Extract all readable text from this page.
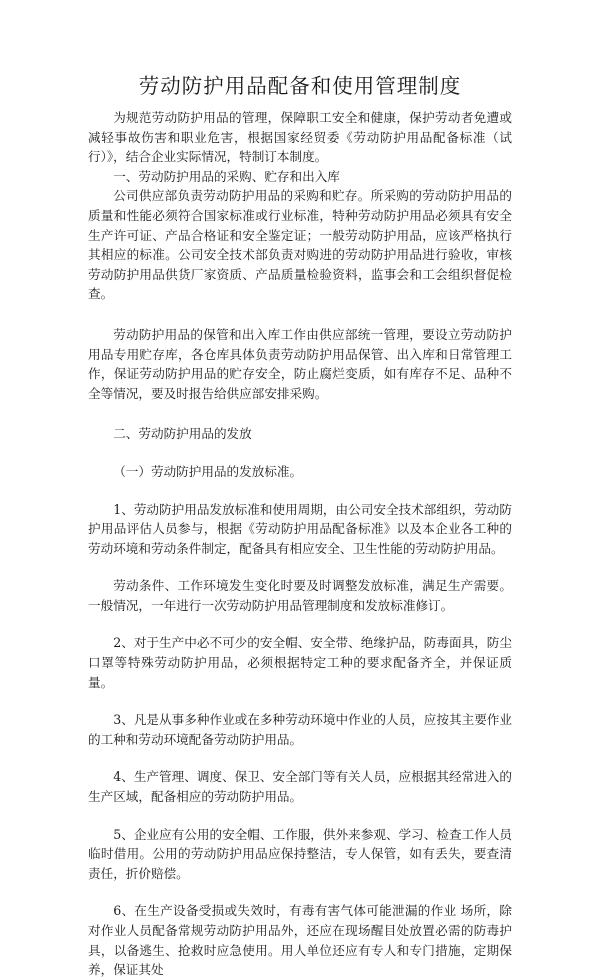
劳动防护用品配备和使用管理制度

为规范劳动防护用品的管理，保障职工安全和健康，保护劳动者免遭或减轻事故伤害和职业危害，根据国家经贸委《劳动防护用品配备标准（试行）》，结合企业实际情况，特制订本制度。

一、劳动防护用品的采购、贮存和出入库

公司供应部负责劳动防护用品的采购和贮存。所采购的劳动防护用品的质量和性能必须符合国家标准或行业标准，特种劳动防护用品必须具有安全生产许可证、产品合格证和安全鉴定证；一般劳动防护用品，应该严格执行其相应的标准。公司安全技术部负责对购进的劳动防护用品进行验收，审核劳动防护用品供货厂家资质、产品质量检验资料，监事会和工会组织督促检查。

劳动防护用品的保管和出入库工作由供应部统一管理，要设立劳动防护用品专用贮存库，各仓库具体负责劳动防护用品保管、出入库和日常管理工作，保证劳动防护用品的贮存安全，防止腐烂变质，如有库存不足、品种不全等情况，要及时报告给供应部安排采购。

二、劳动防护用品的发放

（一）劳动防护用品的发放标准。

1、劳动防护用品发放标准和使用周期，由公司安全技术部组织，劳动防护用品评估人员参与，根据《劳动防护用品配备标准》以及本企业各工种的劳动环境和劳动条件制定，配备具有相应安全、卫生性能的劳动防护用品。

劳动条件、工作环境发生变化时要及时调整发放标准，满足生产需要。一般情况，一年进行一次劳动防护用品管理制度和发放标准修订。

2、对于生产中必不可少的安全帽、安全带、绝缘护品，防毒面具，防尘口罩等特殊劳动防护用品，必须根据特定工种的要求配备齐全，并保证质量。

3、凡是从事多种作业或在多种劳动环境中作业的人员，应按其主要作业的工种和劳动环境配备劳动防护用品。

4、生产管理、调度、保卫、安全部门等有关人员，应根据其经常进入的生产区域，配备相应的劳动防护用品。

5、企业应有公用的安全帽、工作服，供外来参观、学习、检查工作人员临时借用。公用的劳动防护用品应保持整洁，专人保管，如有丢失，要查清责任，折价赔偿。

6、在生产设备受损或失效时，有毒有害气体可能泄漏的作业 场所，除对作业人员配备常规劳动防护用品外，还应在现场醒目处放置必需的防毒护具，以备逃生、抢救时应急使用。用人单位还应有专人和专门措施，定期保养，保证其处
